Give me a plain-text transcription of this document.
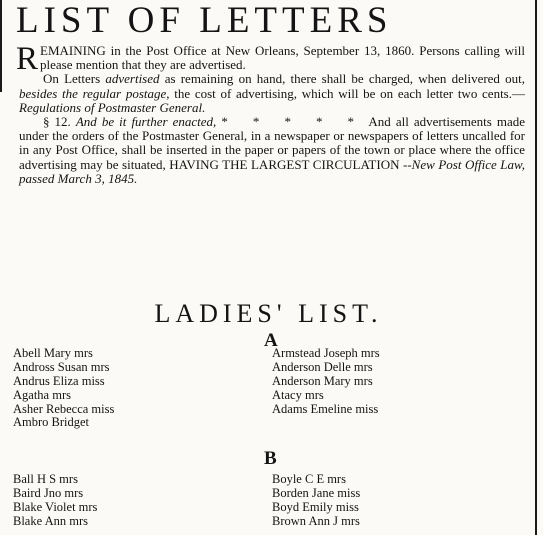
LIST OF LETTERS

REMAINING in the Post Office at New Orleans, September 13, 1860. Persons calling will please mention that they are advertised.

On Letters advertised as remaining on hand, there shall be charged, when delivered out, besides the regular postage, the cost of advertising, which will be on each letter two cents.—Regulations of Postmaster General.

§ 12. And be it further enacted, * * * * * And all advertisements made under the orders of the Postmaster General, in a newspaper or newspapers of letters uncalled for in any Post Office, shall be inserted in the paper or papers of the town or place where the office advertising may be situated, HAVING THE LARGEST CIRCULATION --New Post Office Law, passed March 3, 1845.

LADIES' LIST.
A
Abell Mary mrs
Andross Susan mrs
Andrus Eliza miss
Agatha mrs
Asher Rebecca miss
Ambro Bridget
Armstead Joseph mrs
Anderson Delle mrs
Anderson Mary mrs
Atacy mrs
Adams Emeline miss
B
Ball H S mrs
Baird Jno mrs
Blake Violet mrs
Blake Ann mrs
Boyle C E mrs
Borden Jane miss
Boyd Emily miss
Brown Ann J mrs
